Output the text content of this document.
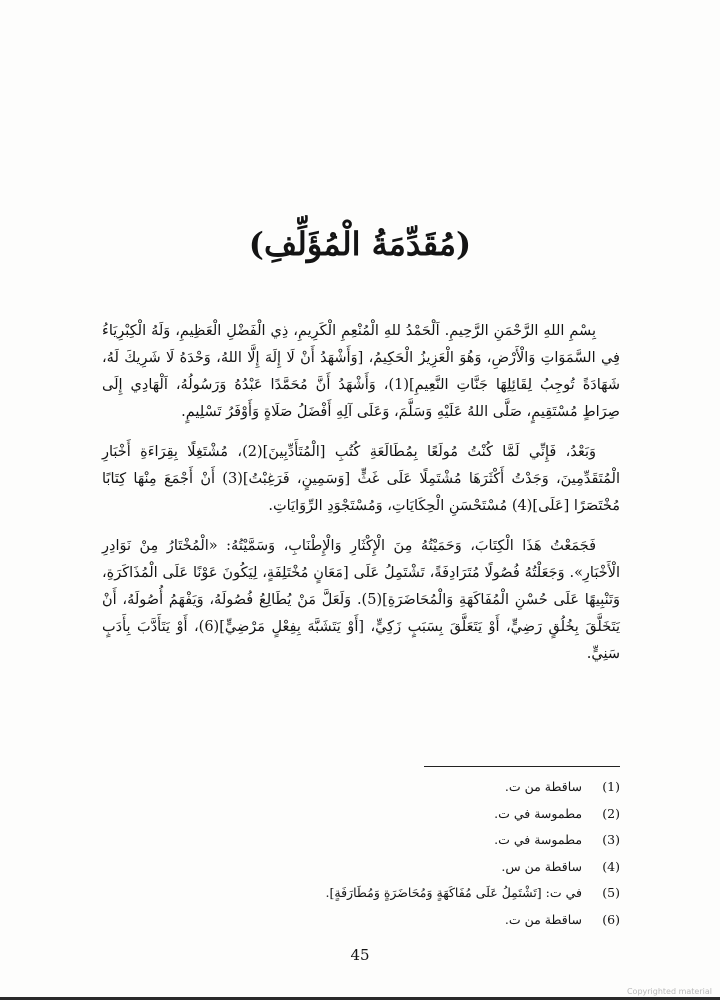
(مُقَدِّمَةُ الْمُؤَلِّفِ)

بِسْمِ اللهِ الرَّحْمَنِ الرَّحِيمِ. اَلْحَمْدُ للهِ الْمُنْعِمِ الْكَرِيمِ، ذِي الْفَضْلِ الْعَظِيمِ، وَلَهُ الْكِبْرِيَاءُ فِي السَّمَوَاتِ وَالْأَرْضِ، وَهُوَ الْعَزِيزُ الْحَكِيمُ، [وَأَشْهَدُ أَنْ لَا إِلَهَ إِلَّا اللهُ، وَحْدَهُ لَا شَرِيكَ لَهُ، شَهَادَةً تُوجِبُ لِقَائِلِهَا جَنَّاتِ النَّعِيمِ](1)، وَأَشْهَدُ أَنَّ مُحَمَّدًا عَبْدُهُ وَرَسُولُهُ، اَلْهَادِي إِلَى صِرَاطٍ مُسْتَقِيمٍ، صَلَّى اللهُ عَلَيْهِ وَسَلَّمَ، وَعَلَى آلِهِ أَفْضَلُ صَلَاةٍ وَأَوْفَرُ تَسْلِيمٍ.

وَبَعْدُ، فَإِنِّي لَمَّا كُنْتُ مُولَعًا بِمُطَالَعَةِ كُتُبِ [الْمُتَأَدِّبِينَ](2)، مُشْتَغِلًا بِقِرَاءَةِ أَخْبَارِ الْمُتَقَدِّمِينَ، وَجَدْتُ أَكْثَرَهَا مُشْتَمِلًا عَلَى غَثٍّ [وَسَمِينٍ، فَرَغِبْتُ](3) أَنْ أَجْمَعَ مِنْهَا كِتَابًا مُخْتَصَرًا [عَلَى](4) مُسْتَحْسَنِ الْحِكَايَاتِ، وَمُسْتَجْوَدِ الرِّوَايَاتِ.

فَجَمَعْتُ هَذَا الْكِتَابَ، وَحَمَيْتُهُ مِنَ الْإِكْثَارِ وَالْإِطْنَابِ، وَسَمَّيْتُهُ: «الْمُخْتَارُ مِنْ نَوَادِرِ الْأَخْبَارِ». وَجَعَلْتُهُ فُصُولًا مُتَرَادِفَةً، تَشْتَمِلُ عَلَى [مَعَانٍ مُخْتَلِفَةٍ، لِيَكُونَ عَوْنًا عَلَى الْمُذَاكَرَةِ، وَتَنْبِيهًا عَلَى حُسْنِ الْمُفَاكَهَةِ وَالْمُحَاضَرَةِ](5). وَلَعَلَّ مَنْ يُطَالِعُ فُصُولَهُ، وَيَفْهَمُ أُصُولَهُ، أَنْ يَتَخَلَّقَ بِخُلُقٍ رَضِيٍّ، أَوْ يَتَعَلَّقَ بِسَبَبٍ زَكِيٍّ، [أَوْ يَتَشَبَّهَ بِفِعْلٍ مَرْضِيٍّ](6)، أَوْ يَتَأَدَّبَ بِأَدَبٍ سَنِيٍّ.

(1) ساقطة من ت.
(2) مطموسة في ت.
(3) مطموسة في ت.
(4) ساقطة من س.
(5) في ت: [تَشْتَمِلُ عَلَى مُفَاكَهَةٍ وَمُحَاضَرَةٍ وَمُطَارَفَةٍ].
(6) ساقطة من ت.
45
Copyrighted material
